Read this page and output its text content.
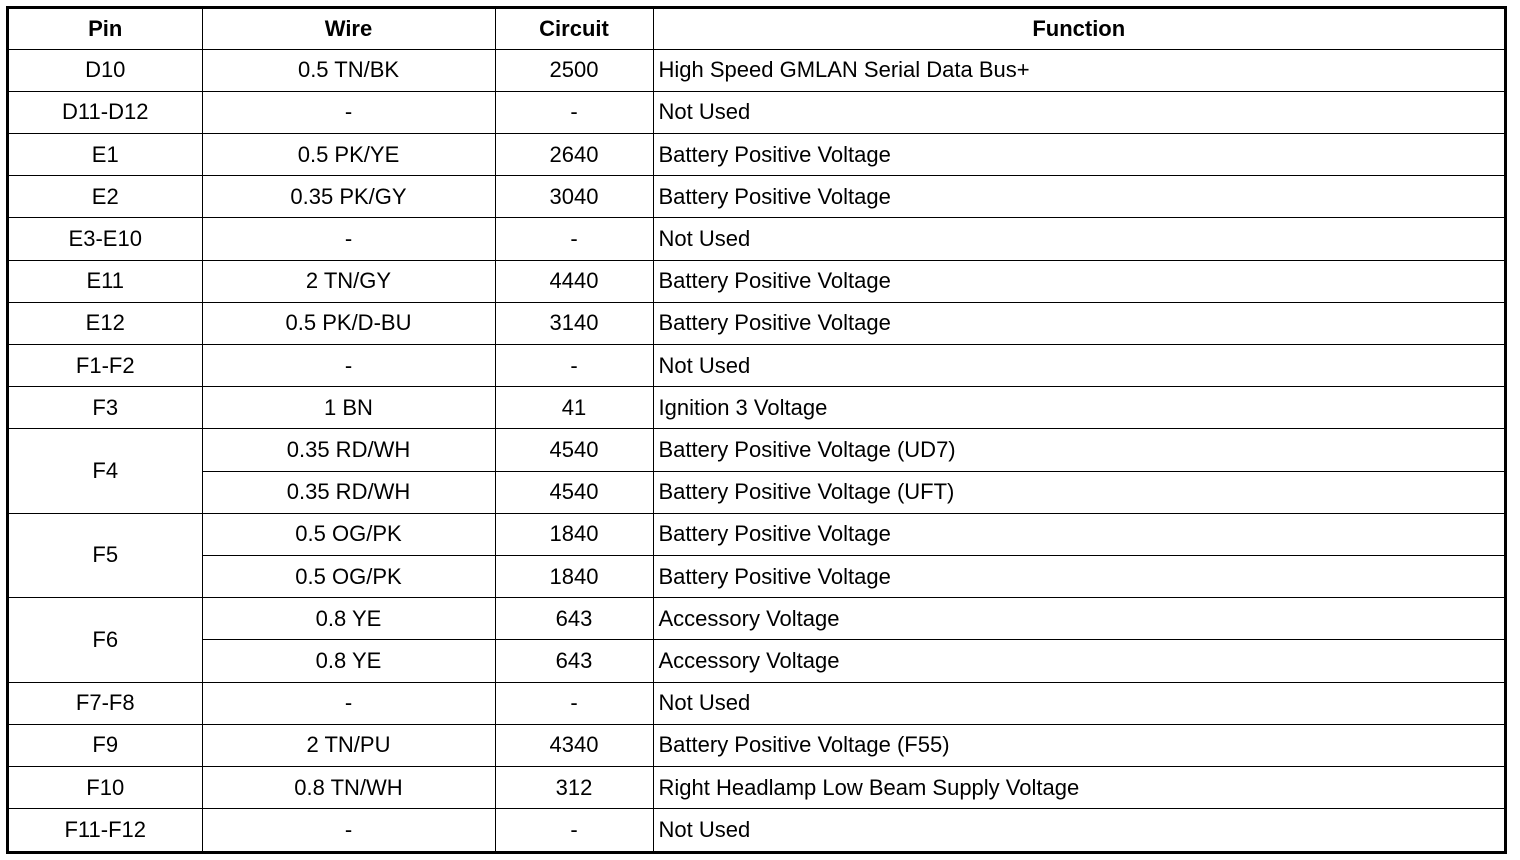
Pin	Wire	Circuit	Function
D10	0.5 TN/BK	2500	High Speed GMLAN Serial Data Bus+
D11-D12	-	-	Not Used
E1	0.5 PK/YE	2640	Battery Positive Voltage
E2	0.35 PK/GY	3040	Battery Positive Voltage
E3-E10	-	-	Not Used
E11	2 TN/GY	4440	Battery Positive Voltage
E12	0.5 PK/D-BU	3140	Battery Positive Voltage
F1-F2	-	-	Not Used
F3	1 BN	41	Ignition 3 Voltage
F4	0.35 RD/WH	4540	Battery Positive Voltage (UD7)
	0.35 RD/WH	4540	Battery Positive Voltage (UFT)
F5	0.5 OG/PK	1840	Battery Positive Voltage
	0.5 OG/PK	1840	Battery Positive Voltage
F6	0.8 YE	643	Accessory Voltage
	0.8 YE	643	Accessory Voltage
F7-F8	-	-	Not Used
F9	2 TN/PU	4340	Battery Positive Voltage (F55)
F10	0.8 TN/WH	312	Right Headlamp Low Beam Supply Voltage
F11-F12	-	-	Not Used
